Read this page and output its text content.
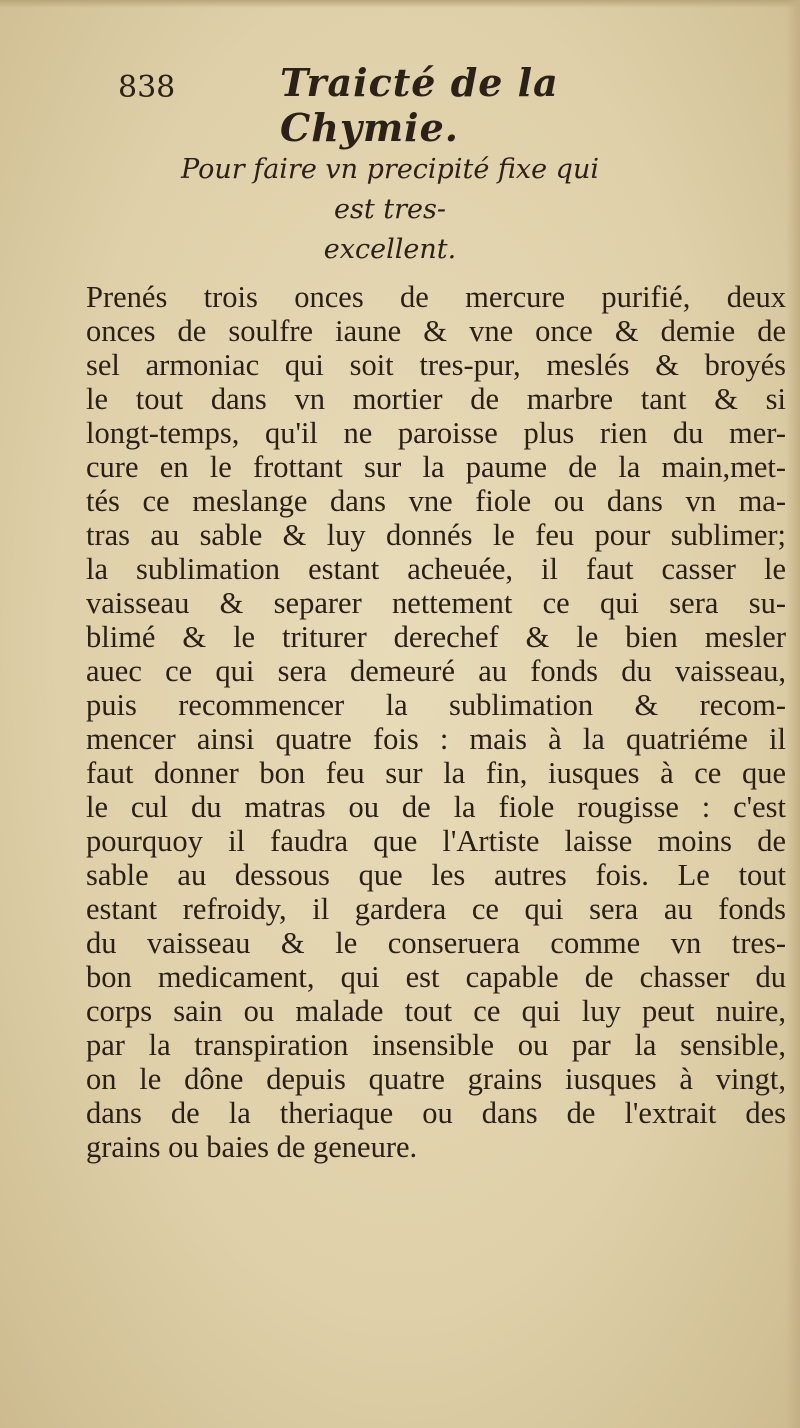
838	Traicté de la Chymie.
Pour faire vn precipité fixe qui est tres-
excellent.
Prenés trois onces de mercure purifié, deux
onces de soulfre iaune & vne once & demie de
sel armoniac qui soit tres-pur, meslés & broyés
le tout dans vn mortier de marbre tant & si
longt-temps, qu'il ne paroisse plus rien du mer-
cure en le frottant sur la paume de la main,met-
tés ce meslange dans vne fiole ou dans vn ma-
tras au sable & luy donnés le feu pour sublimer;
la sublimation estant acheuée, il faut casser le
vaisseau & separer nettement ce qui sera su-
blimé & le triturer derechef & le bien mesler
auec ce qui sera demeuré au fonds du vaisseau,
puis recommencer la sublimation & recom-
mencer ainsi quatre fois : mais à la quatriéme il
faut donner bon feu sur la fin, iusques à ce que
le cul du matras ou de la fiole rougisse : c'est
pourquoy il faudra que l'Artiste laisse moins de
sable au dessous que les autres fois. Le tout
estant refroidy, il gardera ce qui sera au fonds
du vaisseau & le conseruera comme vn tres-
bon medicament, qui est capable de chasser du
corps sain ou malade tout ce qui luy peut nuire,
par la transpiration insensible ou par la sensible,
on le dône depuis quatre grains iusques à vingt,
dans de la theriaque ou dans de l'extrait des
grains ou baies de geneure.
